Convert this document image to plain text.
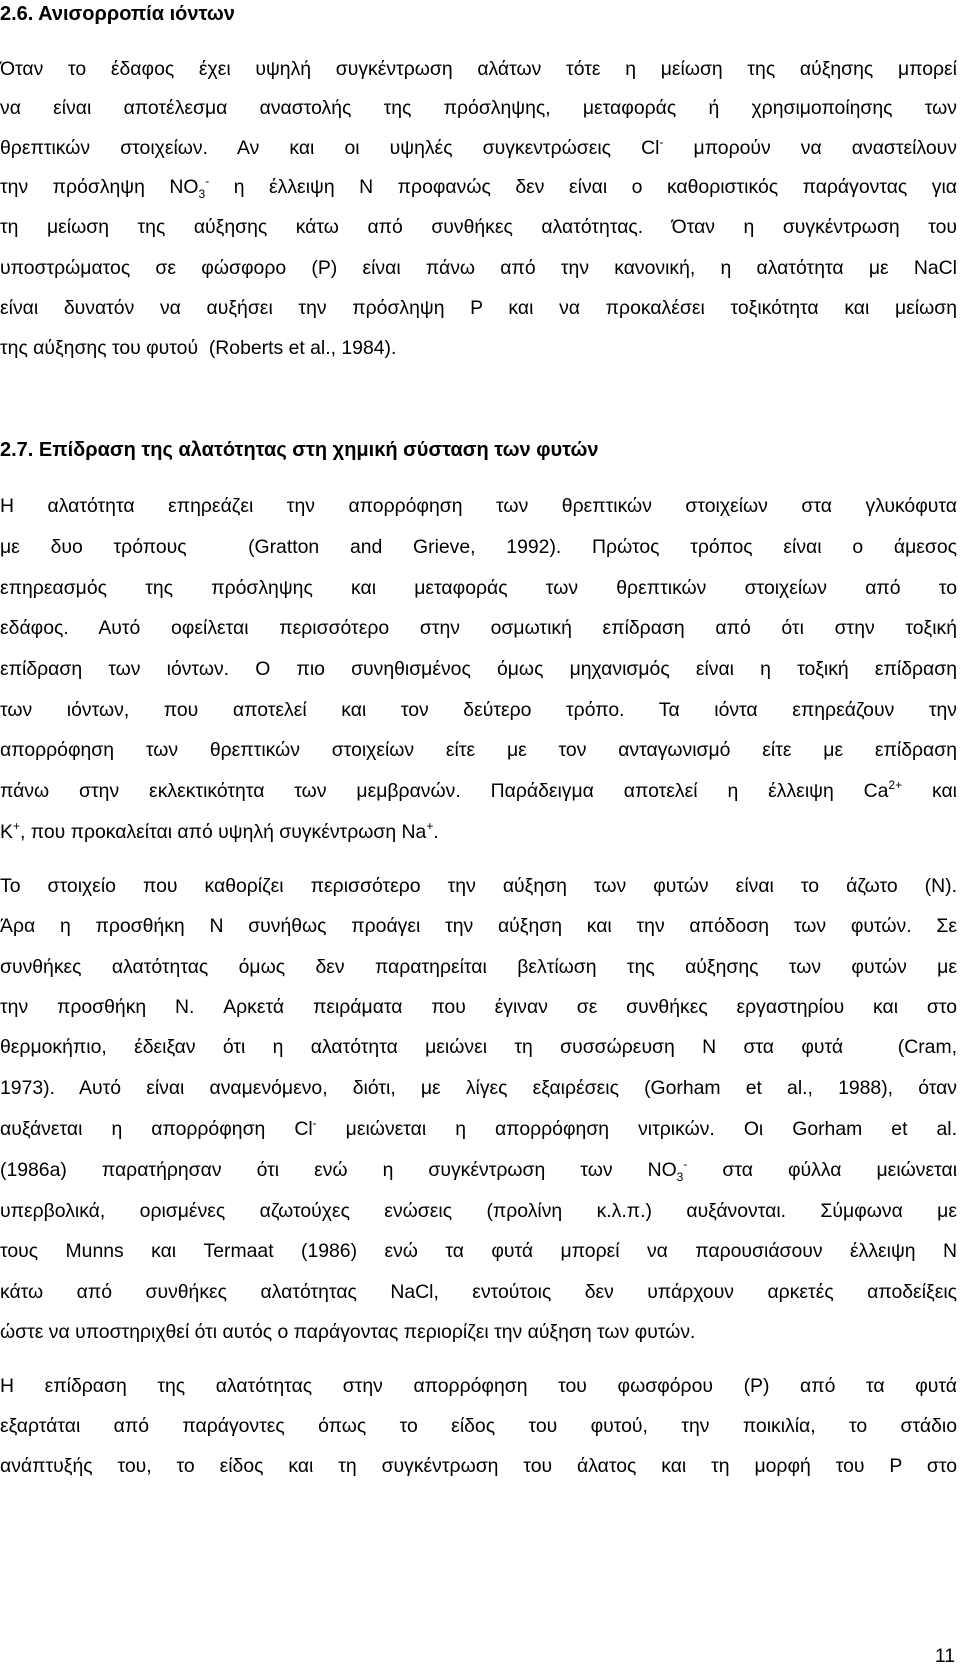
2.6. Ανισορροπία ιόντων
Όταν το έδαφος έχει υψηλή συγκέντρωση αλάτων τότε η μείωση της αύξησης μπορεί
να είναι αποτέλεσμα αναστολής της πρόσληψης, μεταφοράς ή χρησιμοποίησης των
θρεπτικών στοιχείων. Αν και οι υψηλές συγκεντρώσεις Cl- μπορούν να αναστείλουν
την πρόσληψη $NO_3^-$ η έλλειψη N προφανώς δεν είναι ο καθοριστικός παράγοντας για
τη μείωση της αύξησης κάτω από συνθήκες αλατότητας. Όταν η συγκέντρωση του
υποστρώματος σε φώσφορο (P) είναι πάνω από την κανονική, η αλατότητα με NaCl
είναι δυνατόν να αυξήσει την πρόσληψη P και να προκαλέσει τοξικότητα και μείωση
της αύξησης του φυτού  (Roberts et al., 1984).
2.7. Επίδραση της αλατότητας στη χημική σύσταση των φυτών
Η αλατότητα επηρεάζει την απορρόφηση των θρεπτικών στοιχείων στα γλυκόφυτα
με δυο τρόπους  (Gratton and Grieve, 1992). Πρώτος τρόπος είναι ο άμεσος
επηρεασμός της πρόσληψης και μεταφοράς των θρεπτικών στοιχείων από το
εδάφος. Αυτό οφείλεται περισσότερο στην οσμωτική επίδραση από ότι στην τοξική
επίδραση των ιόντων. Ο πιο συνηθισμένος όμως μηχανισμός είναι η τοξική επίδραση
των ιόντων, που αποτελεί και τον δεύτερο τρόπο. Τα ιόντα επηρεάζουν την
απορρόφηση των θρεπτικών στοιχείων είτε με τον ανταγωνισμό είτε με επίδραση
πάνω στην εκλεκτικότητα των μεμβρανών. Παράδειγμα αποτελεί η έλλειψη $Ca^{2+}$ και
K+, που προκαλείται από υψηλή συγκέντρωση Na+.
Το στοιχείο που καθορίζει περισσότερο την αύξηση των φυτών είναι το άζωτο (N).
Άρα η προσθήκη N συνήθως προάγει την αύξηση και την απόδοση των φυτών. Σε
συνθήκες αλατότητας όμως δεν παρατηρείται βελτίωση της αύξησης των φυτών με
την προσθήκη N. Αρκετά πειράματα που έγιναν σε συνθήκες εργαστηρίου και στο
θερμοκήπιο, έδειξαν ότι η αλατότητα μειώνει τη συσσώρευση N στα φυτά  (Cram,
1973). Αυτό είναι αναμενόμενο, διότι, με λίγες εξαιρέσεις (Gorham et al., 1988), όταν
αυξάνεται η απορρόφηση Cl- μειώνεται η απορρόφηση νιτρικών. Οι Gorham et al.
(1986a) παρατήρησαν ότι ενώ η συγκέντρωση των $NO_3^-$ στα φύλλα μειώνεται
υπερβολικά, ορισμένες αζωτούχες ενώσεις (προλίνη κ.λ.π.) αυξάνονται. Σύμφωνα με
τους Munns και Termaat (1986) ενώ τα φυτά μπορεί να παρουσιάσουν έλλειψη N
κάτω από συνθήκες αλατότητας NaCl, εντούτοις δεν υπάρχουν αρκετές αποδείξεις
ώστε να υποστηριχθεί ότι αυτός ο παράγοντας περιορίζει την αύξηση των φυτών.
Η επίδραση της αλατότητας στην απορρόφηση του φωσφόρου (P) από τα φυτά
εξαρτάται από παράγοντες όπως το είδος του φυτού, την ποικιλία, το στάδιο
ανάπτυξής του, το είδος και τη συγκέντρωση του άλατος και τη μορφή του P στο
11
